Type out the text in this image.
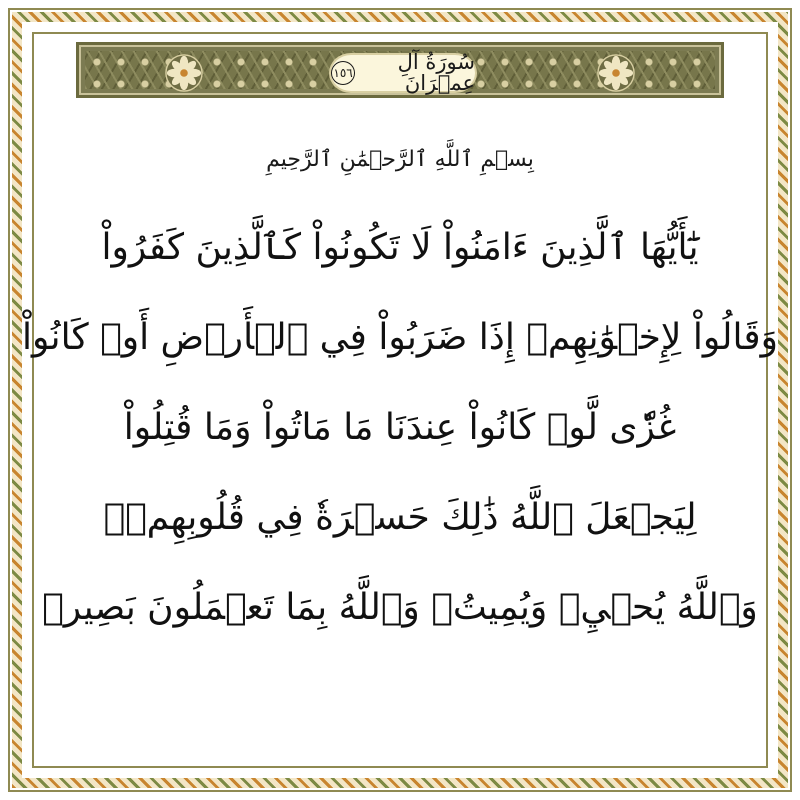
سُورَةُ آلِ عِمۡرَانَ
١٥٦
بِسۡمِ ٱللَّهِ ٱلرَّحۡمَٰنِ ٱلرَّحِيمِ
يَٰٓأَيُّهَا ٱلَّذِينَ ءَامَنُواْ لَا تَكُونُواْ كَٱلَّذِينَ كَفَرُواْ
وَقَالُواْ لِإِخۡوَٰنِهِمۡ إِذَا ضَرَبُواْ فِي ٱلۡأَرۡضِ أَوۡ كَانُواْ
غُزّٗى لَّوۡ كَانُواْ عِندَنَا مَا مَاتُواْ وَمَا قُتِلُواْ
لِيَجۡعَلَ ٱللَّهُ ذَٰلِكَ حَسۡرَةٗ فِي قُلُوبِهِمۡۗ
وَٱللَّهُ يُحۡيِۦ وَيُمِيتُۗ وَٱللَّهُ بِمَا تَعۡمَلُونَ بَصِيرٞ
